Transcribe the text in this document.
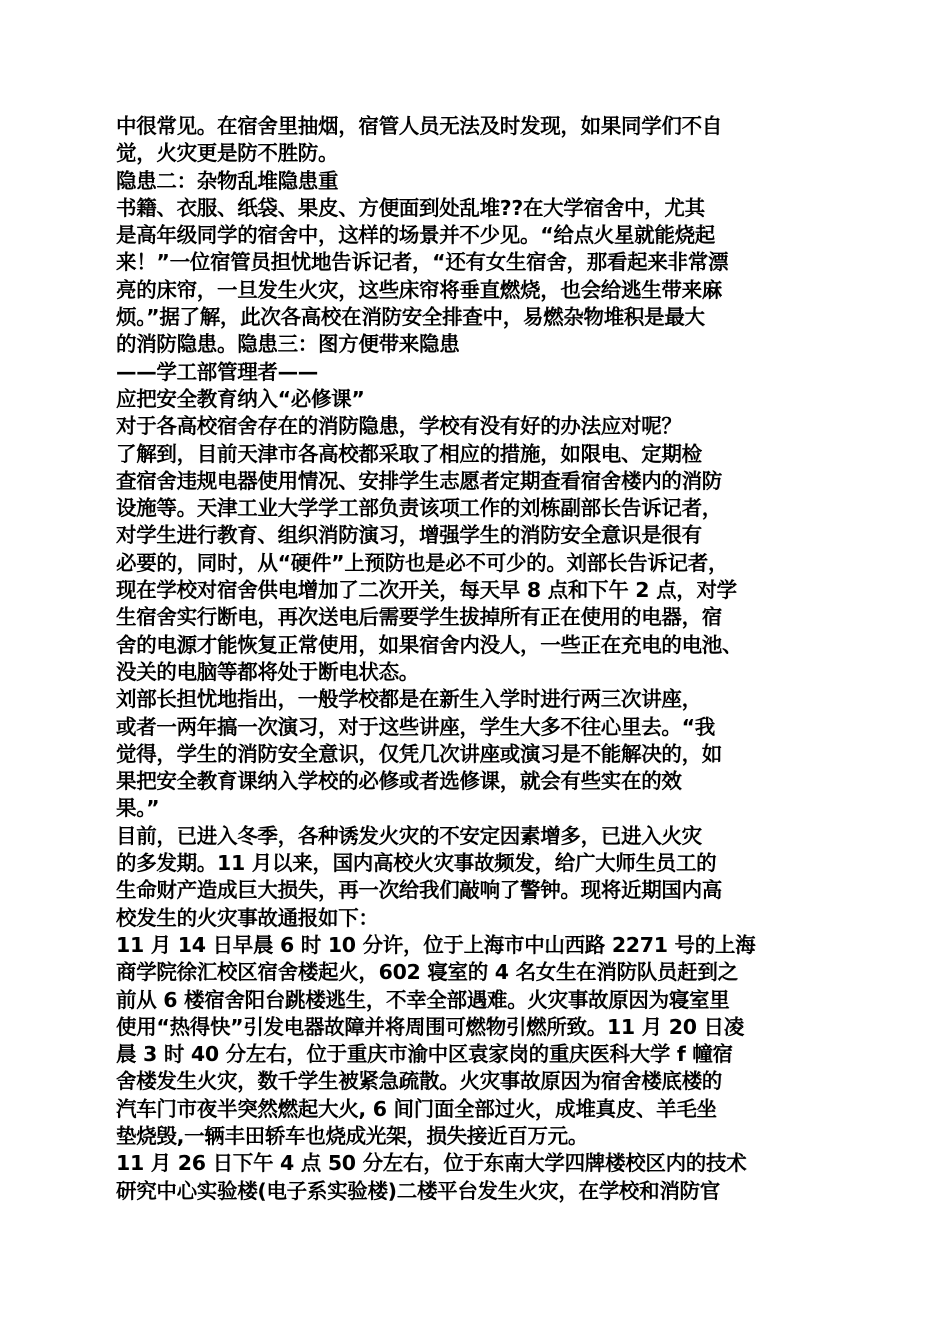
中很常见。在宿舍里抽烟，宿管人员无法及时发现，如果同学们不自
觉，火灾更是防不胜防。
隐患二：杂物乱堆隐患重
书籍、衣服、纸袋、果皮、方便面到处乱堆??在大学宿舍中，尤其
是高年级同学的宿舍中，这样的场景并不少见。“给点火星就能烧起
来！”一位宿管员担忧地告诉记者，“还有女生宿舍，那看起来非常漂
亮的床帘，一旦发生火灾，这些床帘将垂直燃烧，也会给逃生带来麻
烦。”据了解，此次各高校在消防安全排查中，易燃杂物堆积是最大
的消防隐患。隐患三：图方便带来隐患
——学工部管理者——
应把安全教育纳入“必修课”
对于各高校宿舍存在的消防隐患，学校有没有好的办法应对呢？
了解到，目前天津市各高校都采取了相应的措施，如限电、定期检
查宿舍违规电器使用情况、安排学生志愿者定期查看宿舍楼内的消防
设施等。天津工业大学学工部负责该项工作的刘栋副部长告诉记者，
对学生进行教育、组织消防演习，增强学生的消防安全意识是很有
必要的，同时，从“硬件”上预防也是必不可少的。刘部长告诉记者，
现在学校对宿舍供电增加了二次开关，每天早 8 点和下午 2 点，对学
生宿舍实行断电，再次送电后需要学生拔掉所有正在使用的电器，宿
舍的电源才能恢复正常使用，如果宿舍内没人，一些正在充电的电池、
没关的电脑等都将处于断电状态。
刘部长担忧地指出，一般学校都是在新生入学时进行两三次讲座，
或者一两年搞一次演习，对于这些讲座，学生大多不往心里去。“我
觉得，学生的消防安全意识，仅凭几次讲座或演习是不能解决的，如
果把安全教育课纳入学校的必修或者选修课，就会有些实在的效
果。”
目前，已进入冬季，各种诱发火灾的不安定因素增多，已进入火灾
的多发期。11 月以来，国内高校火灾事故频发，给广大师生员工的
生命财产造成巨大损失，再一次给我们敲响了警钟。现将近期国内高
校发生的火灾事故通报如下：
11 月 14 日早晨 6 时 10 分许，位于上海市中山西路 2271 号的上海
商学院徐汇校区宿舍楼起火，602 寝室的 4 名女生在消防队员赶到之
前从 6 楼宿舍阳台跳楼逃生，不幸全部遇难。火灾事故原因为寝室里
使用“热得快”引发电器故障并将周围可燃物引燃所致。11 月 20 日凌
晨 3 时 40 分左右，位于重庆市渝中区袁家岗的重庆医科大学 f 幢宿
舍楼发生火灾，数千学生被紧急疏散。火灾事故原因为宿舍楼底楼的
汽车门市夜半突然燃起大火, 6 间门面全部过火，成堆真皮、羊毛坐
垫烧毁,一辆丰田轿车也烧成光架，损失接近百万元。
11 月 26 日下午 4 点 50 分左右，位于东南大学四牌楼校区内的技术
研究中心实验楼(电子系实验楼)二楼平台发生火灾，在学校和消防官
